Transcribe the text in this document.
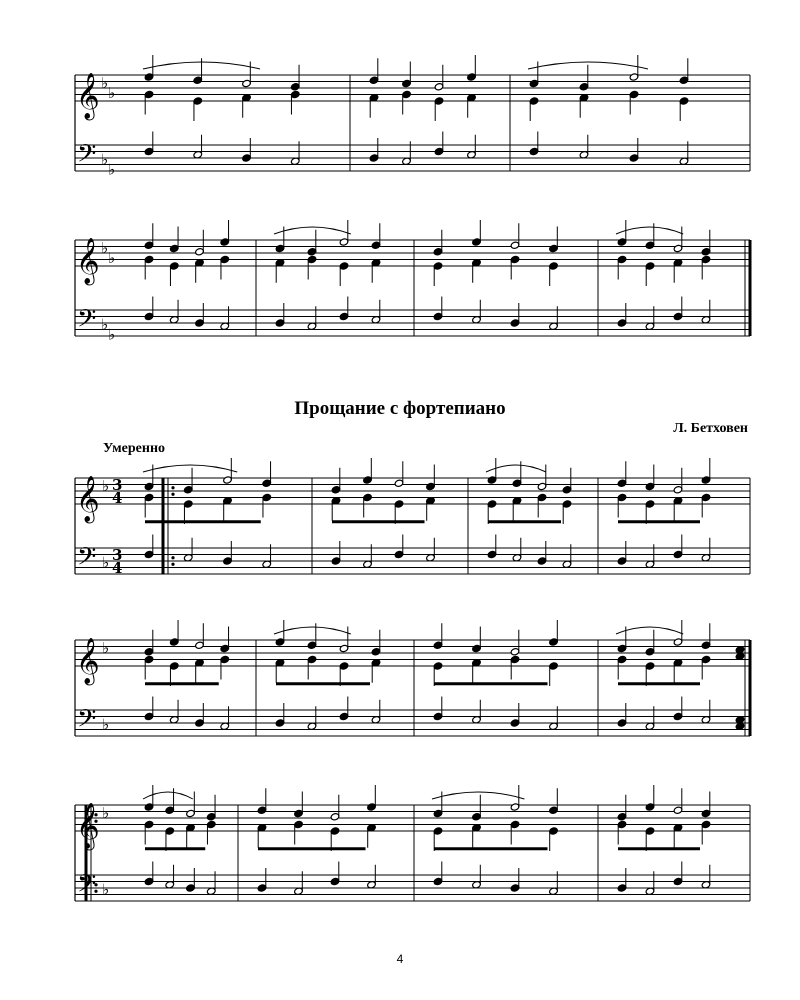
𝄞
𝄢
♭
♭
♭
♭
𝄞
𝄢
♭
♭
♭
♭
𝄞
𝄢
♭
♭
3
4
3
4
𝄞
𝄢
♭
♭
𝄞
𝄢
♭
♭
Прощание с фортепиано
Л. Бетховен
Умеренно
4
